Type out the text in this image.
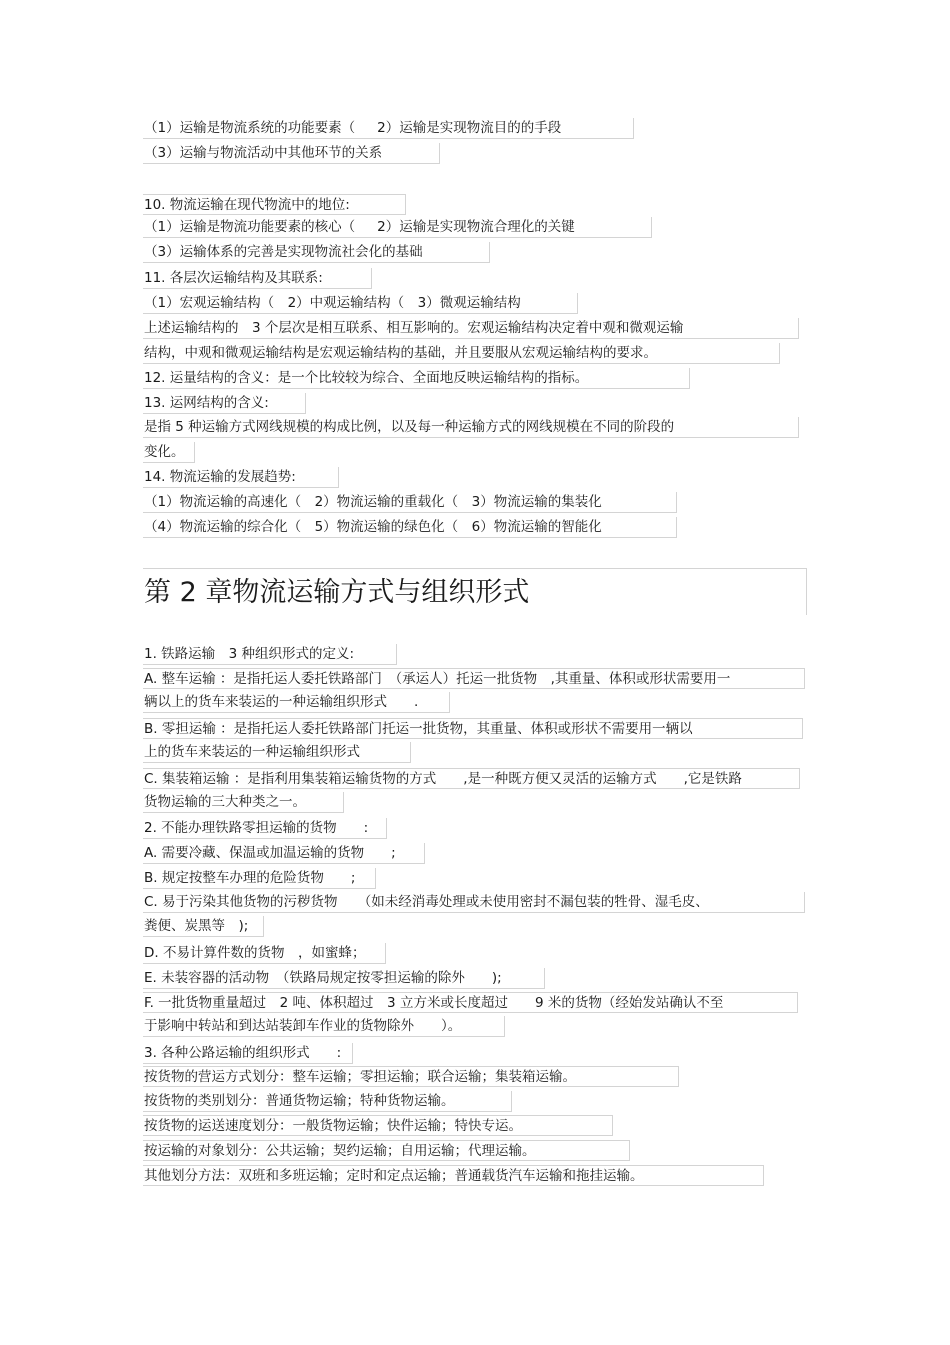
（1）运输是物流系统的功能要素（　  2）运输是实现物流目的的手段
（3）运输与物流活动中其他环节的关系
10. 物流运输在现代物流中的地位:
（1）运输是物流功能要素的核心（　  2）运输是实现物流合理化的关键
（3）运输体系的完善是实现物流社会化的基础
11. 各层次运输结构及其联系:
（1）宏观运输结构（　2）中观运输结构（　3）微观运输结构
上述运输结构的　3 个层次是相互联系、相互影响的。宏观运输结构决定着中观和微观运输
结构，中观和微观运输结构是宏观运输结构的基础，并且要服从宏观运输结构的要求。
12. 运量结构的含义：是一个比较较为综合、全面地反映运输结构的指标。
13. 运网结构的含义:
是指 5 种运输方式网线规模的构成比例，以及每一种运输方式的网线规模在不同的阶段的
变化。
14. 物流运输的发展趋势:
（1）物流运输的高速化（　2）物流运输的重载化（　3）物流运输的集装化
（4）物流运输的综合化（　5）物流运输的绿色化（　6）物流运输的智能化
第 2 章物流运输方式与组织形式
1. 铁路运输　3 种组织形式的定义:
A. 整车运输 ：是指托运人委托铁路部门　（承运人）托运一批货物　,其重量、体积或形状需要用一
辆以上的货车来装运的一种运输组织形式　　.
B. 零担运输 ：是指托运人委托铁路部门托运一批货物，其重量、体积或形状不需要用一辆以
上的货车来装运的一种运输组织形式
C. 集装箱运输 ：是指利用集装箱运输货物的方式　　,是一种既方便又灵活的运输方式　　,它是铁路
货物运输的三大种类之一。
2. 不能办理铁路零担运输的货物　　:
A. 需要冷藏、保温或加温运输的货物　　;
B. 规定按整车办理的危险货物　　;
C. 易于污染其他货物的污秽货物　　（如未经消毒处理或未使用密封不漏包装的牲骨、湿毛皮、
粪便、炭黑等　);
D. 不易计算件数的货物　，如蜜蜂；
E. 未装容器的活动物　（铁路局规定按零担运输的除外　　);
F. 一批货物重量超过　2 吨、体积超过　3 立方米或长度超过　　9 米的货物（经始发站确认不至
于影响中转站和到达站装卸车作业的货物除外　　）。
3. 各种公路运输的组织形式　　:
按货物的营运方式划分：整车运输；零担运输；联合运输；集装箱运输。
按货物的类别划分：普通货物运输；特种货物运输。
按货物的运送速度划分：一般货物运输；快件运输；特快专运。
按运输的对象划分：公共运输；契约运输；自用运输；代理运输。
其他划分方法：双班和多班运输；定时和定点运输；普通载货汽车运输和拖挂运输。
